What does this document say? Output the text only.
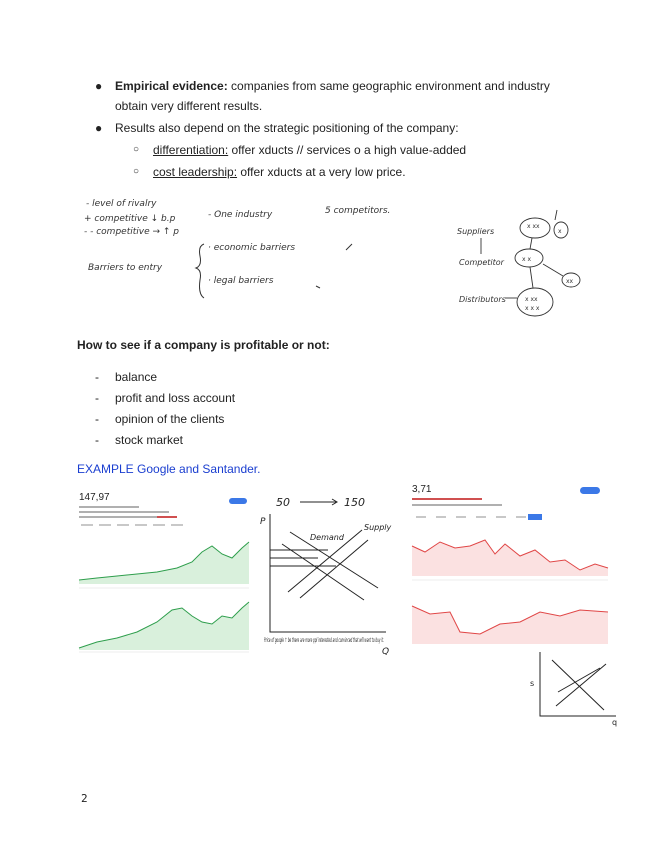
● Empirical evidence: companies from same geographic environment and industry obtain very different results.
● Results also depend on the strategic positioning of the company:
○ differentiation: offer xducts // services o a high value-added
○ cost leadership: offer xducts at a very low price.
- level of rivalry
+ competitive ↓ b.p
- - competitive → ↑ p
- One industry	5 competitors.
Barriers to entry
· economic barriers
· legal barriers
Suppliers
Competitor
Distributors
x xx
x
x x
xx
x xx
x x x
How to see if a company is profitable or not:
- balance
- profit and loss account
- opinion of the clients
- stock market
EXAMPLE Google and Santander.
147,97	50	150
P
Q
Demand
Supply
Price of google ↑ be there are more ppl interested and convinced that will want to buy it.
3,71
s
q
2
